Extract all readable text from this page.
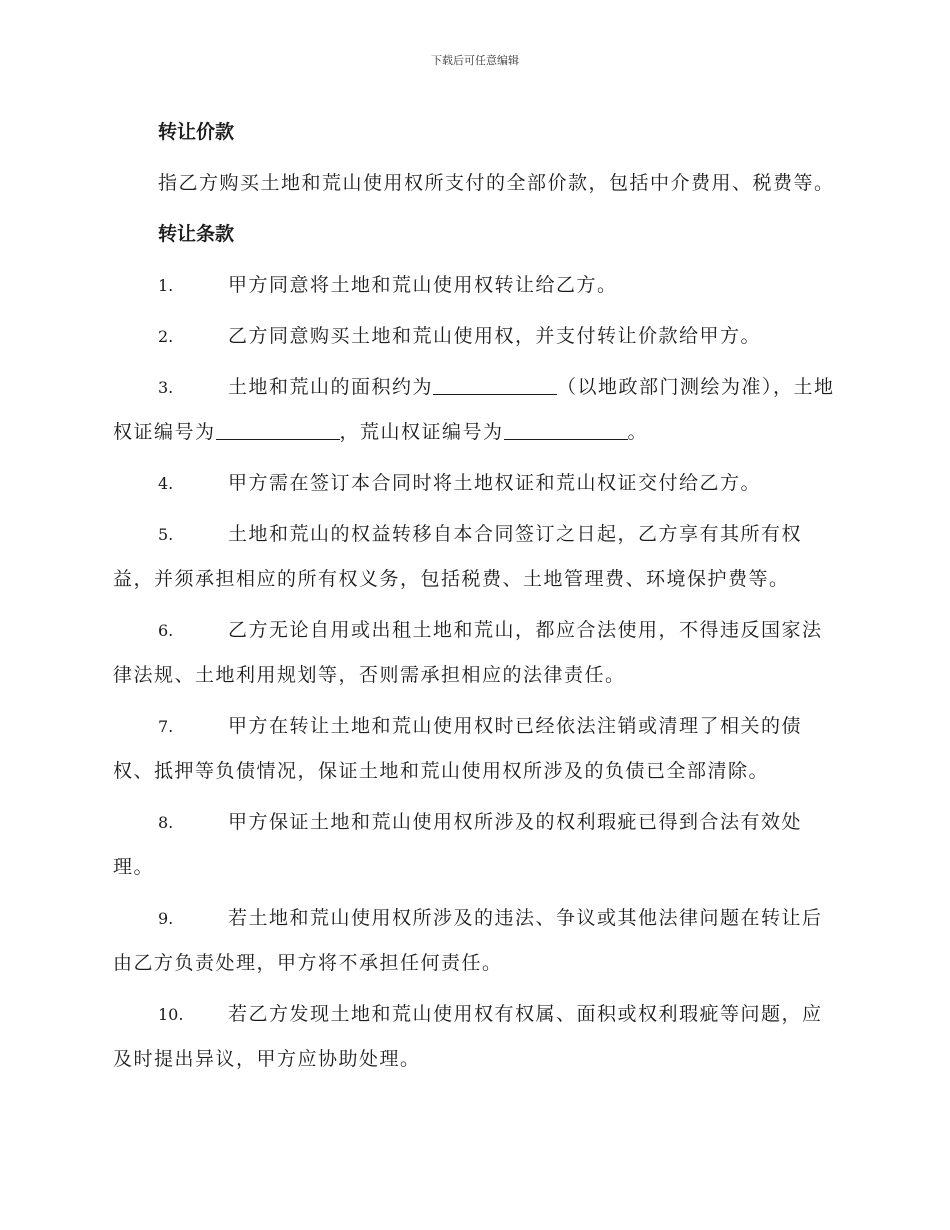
下载后可任意编辑
转让价款

指乙方购买土地和荒山使用权所支付的全部价款，包括中介费用、税费等。

转让条款

1.	甲方同意将土地和荒山使用权转让给乙方。

2.	乙方同意购买土地和荒山使用权，并支付转让价款给甲方。

3.	土地和荒山的面积约为	（以地政部门测绘为准），土地权证编号为	，荒山权证编号为	。

4.	甲方需在签订本合同时将土地权证和荒山权证交付给乙方。

5.	土地和荒山的权益转移自本合同签订之日起，乙方享有其所有权益，并须承担相应的所有权义务，包括税费、土地管理费、环境保护费等。

6.	乙方无论自用或出租土地和荒山，都应合法使用，不得违反国家法律法规、土地利用规划等，否则需承担相应的法律责任。

7.	甲方在转让土地和荒山使用权时已经依法注销或清理了相关的债权、抵押等负债情况，保证土地和荒山使用权所涉及的负债已全部清除。

8.	甲方保证土地和荒山使用权所涉及的权利瑕疵已得到合法有效处理。

9.	若土地和荒山使用权所涉及的违法、争议或其他法律问题在转让后由乙方负责处理，甲方将不承担任何责任。

10. 若乙方发现土地和荒山使用权有权属、面积或权利瑕疵等问题，应及时提出异议，甲方应协助处理。
